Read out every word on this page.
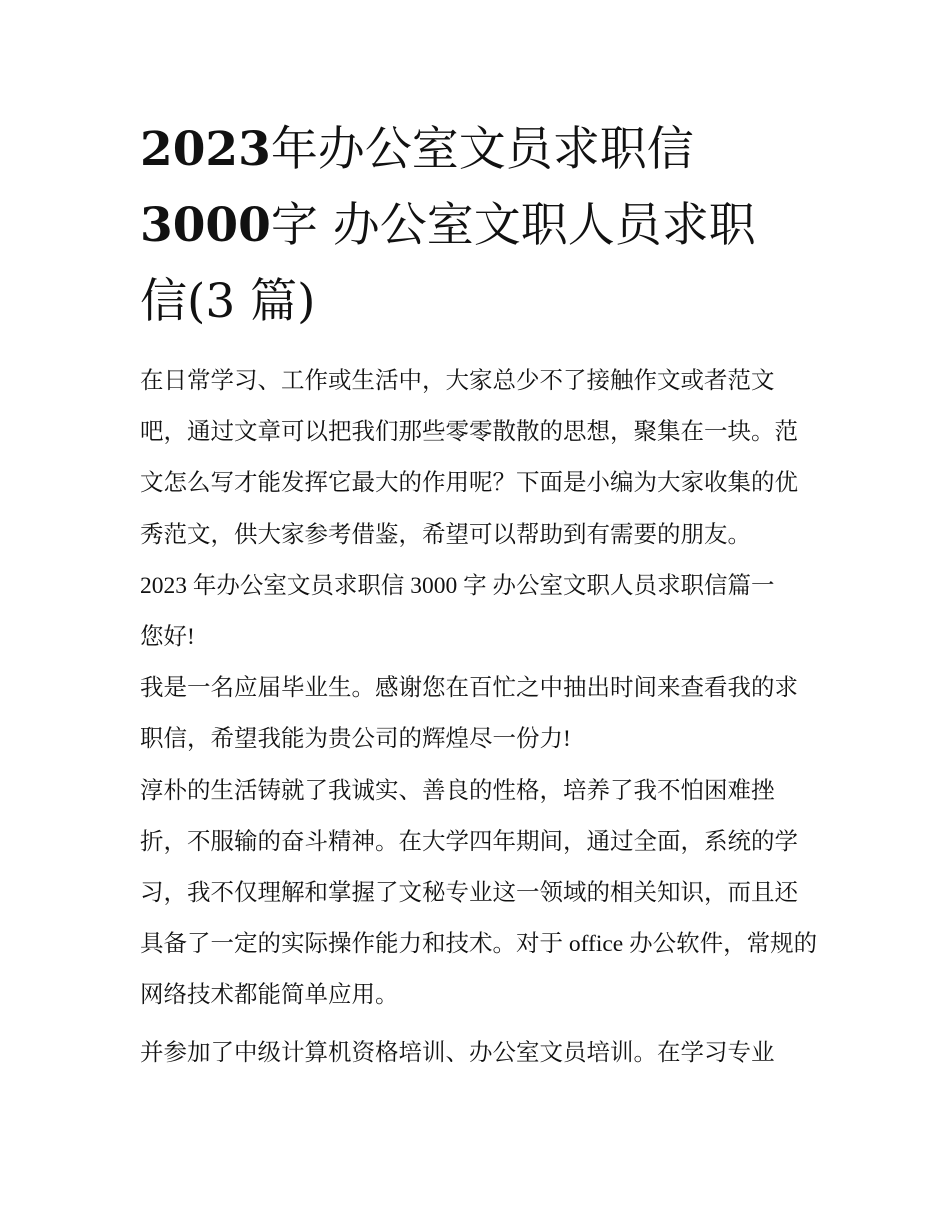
2023年办公室文员求职信
3000字 办公室文职人员求职
信(3 篇)

在日常学习、工作或生活中，大家总少不了接触作文或者范文吧，通过文章可以把我们那些零零散散的思想，聚集在一块。范文怎么写才能发挥它最大的作用呢？下面是小编为大家收集的优秀范文，供大家参考借鉴，希望可以帮助到有需要的朋友。

2023 年办公室文员求职信 3000 字 办公室文职人员求职信篇一

您好!

我是一名应届毕业生。感谢您在百忙之中抽出时间来查看我的求职信，希望我能为贵公司的辉煌尽一份力!

淳朴的生活铸就了我诚实、善良的性格，培养了我不怕困难挫折，不服输的奋斗精神。在大学四年期间，通过全面，系统的学习，我不仅理解和掌握了文秘专业这一领域的相关知识，而且还具备了一定的实际操作能力和技术。对于 office 办公软件，常规的网络技术都能简单应用。

并参加了中级计算机资格培训、办公室文员培训。在学习专业
